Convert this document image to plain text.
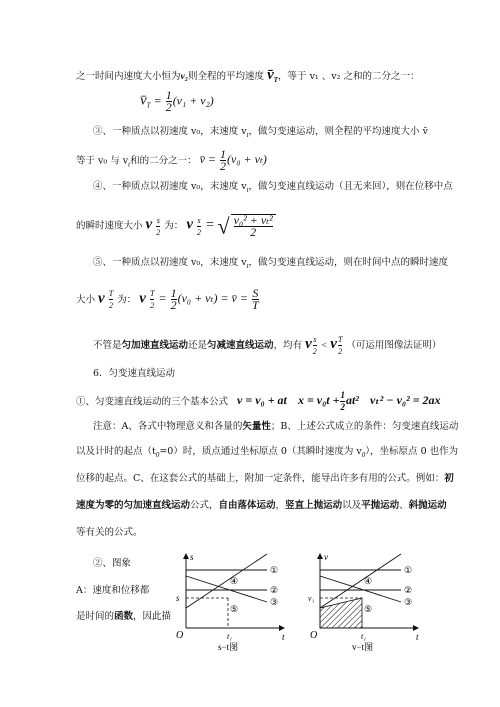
之一时间内速度大小恒为v₂则全程的平均速度 $v̄_T$，等于 v₁ 、v₂ 之和的二分之一：
$v̄_T = \frac{1}{2} (v_1 + v_2)$
③、一种质点以初速度 v₀，末速度 $v_t$，做匀变速运动，则全程的平均速度大小 v̄
等于 v₀ 与 $v_t$和的二分之一： v̄ = $\frac{1}{2} (v_0 + v_t)$
④、一种质点以初速度 v₀，末速度 $v_t$，做匀变速直线运动（且无来回），则在位移中点
的瞬时速度大小 v $\frac{s}{2}$ 为： v $\frac{s}{2}$ = √ $\frac{\text{v₀² + vₜ²}}{2}$
⑤、一种质点以初速度 v₀，末速度 $v_t$，做匀变速直线运动，则在时间中点的瞬时速度
大小 v $\frac{T}{2}$ 为： v $\frac{T}{2} = \frac{1}{2} (v_0 + v_t)$ = v̄ = $\frac{S}{T}$
不管是匀加速直线运动还是匀减速直线运动，均有 v $\frac{s}{2} < v \frac{T}{2}$ （可运用图像法证明）
6．匀变速直线运动
①、匀变速直线运动的三个基本公式 v = v₀ + at $x = v_0t + \frac{1}{2} at^2$ vₜ² − v₀² = 2ax
注意：A、各式中物理意义和各量的矢量性；B、上述公式成立的条件：匀变速直线运动
以及计时的起点$(t_0=0)$时，质点通过坐标原点 0（其瞬时速度为 $v_0$），坐标原点 0 也作为
位移的起点。C、在这套公式的基础上，附加一定条件，能导出许多有用的公式。例如：初
速度为零的匀加速直线运动公式，自由落体运动，竖直上抛运动以及平抛运动、斜抛运动
等有关的公式。
②、图象
A：速度和位移都
是时间的函数，因此描
s
t
O
s
t₁
①
②
③
④
⑤
s−t图
v
t
O
v₁
t₁
①
②
③
④
⑤
v−t图
